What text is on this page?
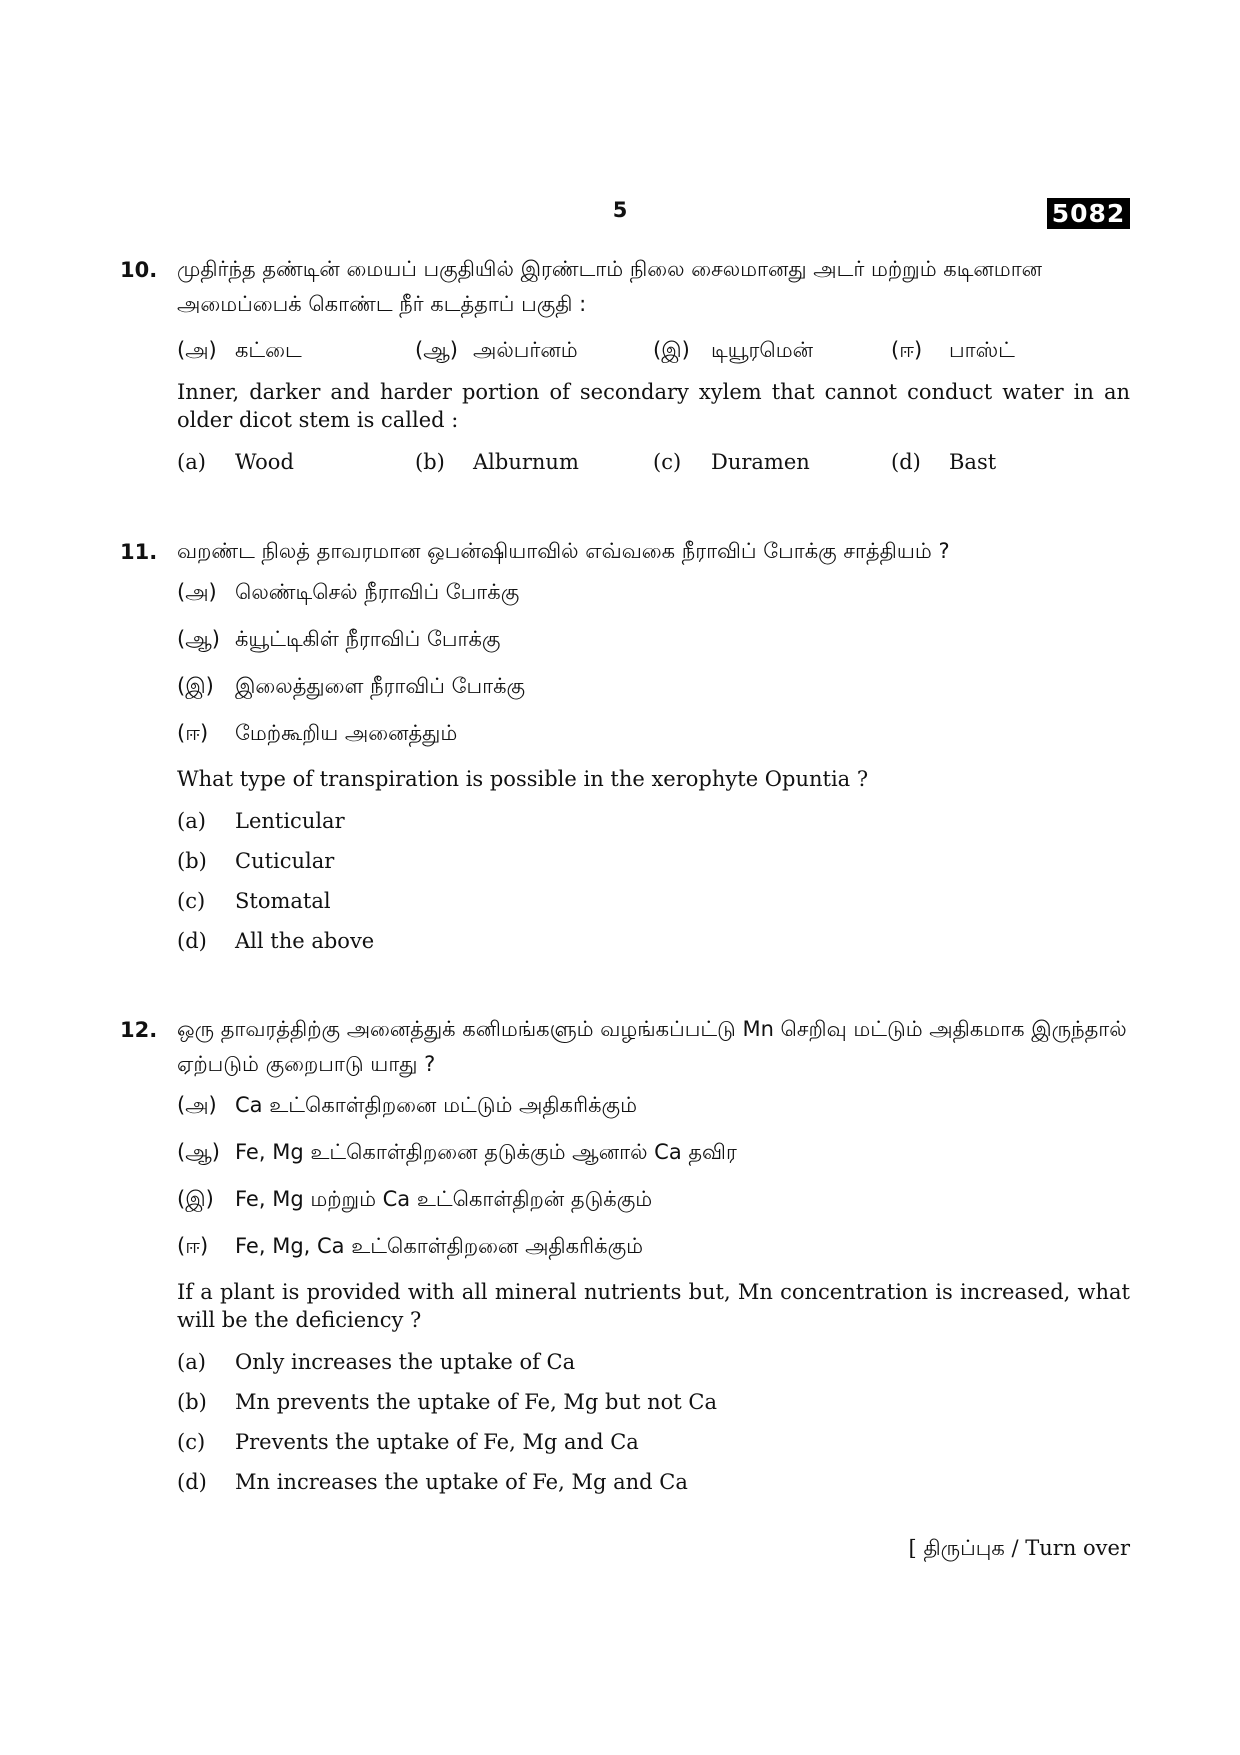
5	5082
10. முதிர்ந்த தண்டின் மையப் பகுதியில் இரண்டாம் நிலை சைலமானது அடர் மற்றும் கடினமான அமைப்பைக் கொண்ட நீர் கடத்தாப் பகுதி :
(அ) கட்டை	(ஆ) அல்பர்னம்	(இ)	டியூரமென்	(ஈ)	பாஸ்ட்
Inner, darker and harder portion of secondary xylem that cannot conduct water in an older dicot stem is called :
(a)	Wood	(b)	Alburnum	(c)	Duramen	(d)	Bast
11. வறண்ட நிலத் தாவரமான ஒபன்ஷியாவில் எவ்வகை நீராவிப் போக்கு சாத்தியம் ?
(அ) லெண்டிசெல் நீராவிப் போக்கு
(ஆ) க்யூட்டிகிள் நீராவிப் போக்கு
(இ)	இலைத்துளை நீராவிப் போக்கு
(ஈ)	மேற்கூறிய அனைத்தும்
What type of transpiration is possible in the xerophyte Opuntia ?
(a)	Lenticular
(b)	Cuticular
(c)	Stomatal
(d)	All the above
12. ஒரு தாவரத்திற்கு அனைத்துக் கனிமங்களும் வழங்கப்பட்டு Mn செறிவு மட்டும் அதிகமாக இருந்தால் ஏற்படும் குறைபாடு யாது ?
(அ) Ca உட்கொள்திறனை மட்டும் அதிகரிக்கும்
(ஆ) Fe, Mg உட்கொள்திறனை தடுக்கும் ஆனால் Ca தவிர
(இ)	Fe, Mg மற்றும் Ca உட்கொள்திறன் தடுக்கும்
(ஈ)	Fe, Mg, Ca உட்கொள்திறனை அதிகரிக்கும்
If a plant is provided with all mineral nutrients but, Mn concentration is increased, what will be the deficiency ?
(a)	Only increases the uptake of Ca
(b)	Mn prevents the uptake of Fe, Mg but not Ca
(c)	Prevents the uptake of Fe, Mg and Ca
(d)	Mn increases the uptake of Fe, Mg and Ca
[ திருப்புக / Turn over
